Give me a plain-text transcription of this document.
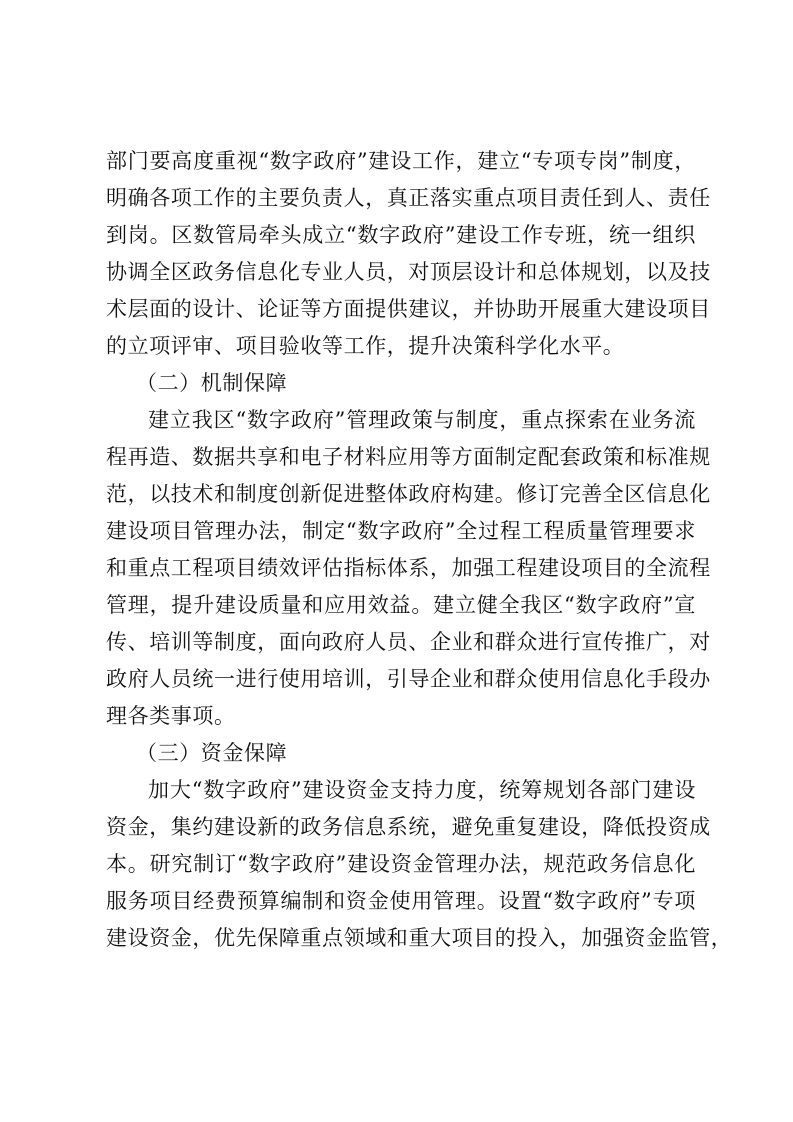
部门要高度重视“数字政府”建设工作，建立“专项专岗”制度，
明确各项工作的主要负责人，真正落实重点项目责任到人、责任
到岗。区数管局牵头成立“数字政府”建设工作专班，统一组织
协调全区政务信息化专业人员，对顶层设计和总体规划，以及技
术层面的设计、论证等方面提供建议，并协助开展重大建设项目
的立项评审、项目验收等工作，提升决策科学化水平。
（二）机制保障
建立我区“数字政府”管理政策与制度，重点探索在业务流
程再造、数据共享和电子材料应用等方面制定配套政策和标准规
范，以技术和制度创新促进整体政府构建。修订完善全区信息化
建设项目管理办法，制定“数字政府”全过程工程质量管理要求
和重点工程项目绩效评估指标体系，加强工程建设项目的全流程
管理，提升建设质量和应用效益。建立健全我区“数字政府”宣
传、培训等制度，面向政府人员、企业和群众进行宣传推广，对
政府人员统一进行使用培训，引导企业和群众使用信息化手段办
理各类事项。
（三）资金保障
加大“数字政府”建设资金支持力度，统筹规划各部门建设
资金，集约建设新的政务信息系统，避免重复建设，降低投资成
本。研究制订“数字政府”建设资金管理办法，规范政务信息化
服务项目经费预算编制和资金使用管理。设置“数字政府”专项
建设资金，优先保障重点领域和重大项目的投入，加强资金监管，
